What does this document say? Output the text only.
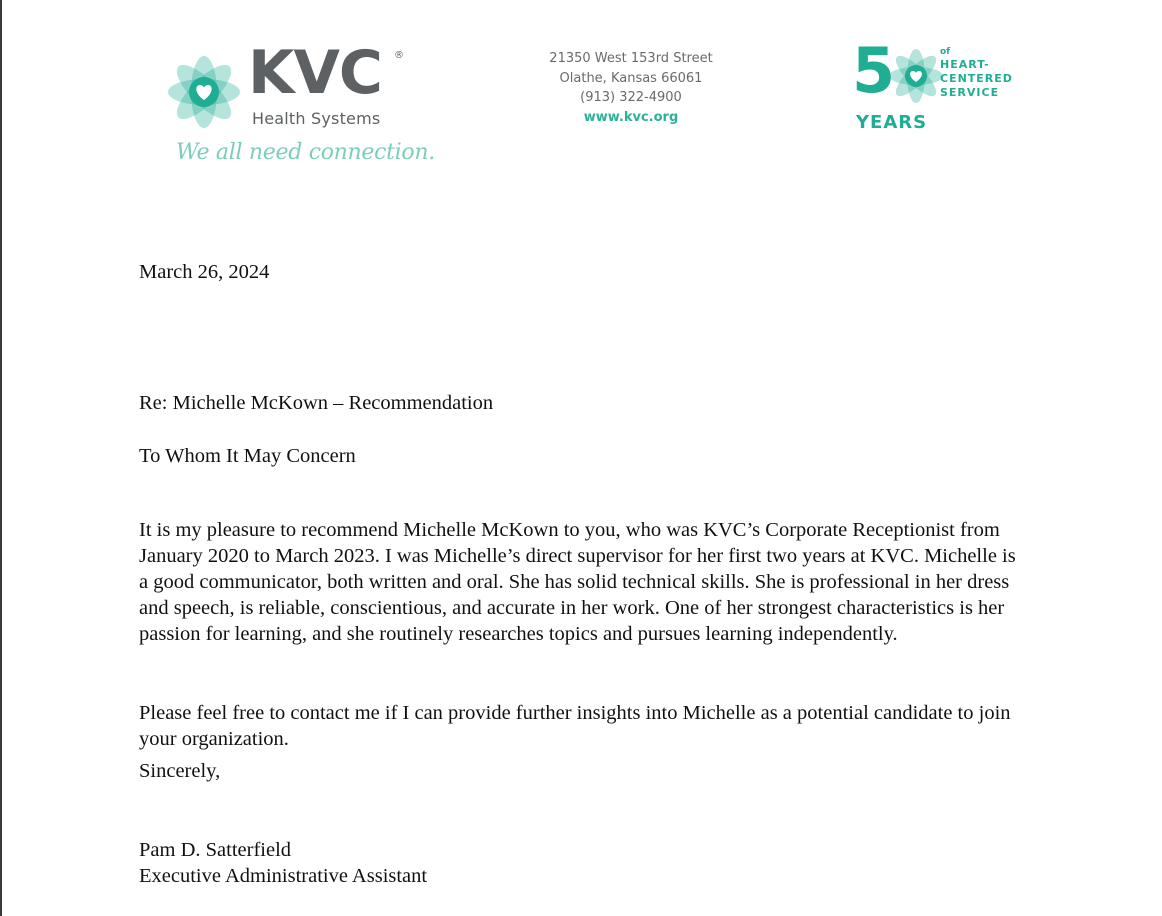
KVC ®
Health Systems
We all need connection.
21350 West 153rd Street
Olathe, Kansas 66061
(913) 322-4900
www.kvc.org
5	of
HEART-
CENTERED
SERVICE
YEARS
March 26, 2024
Re: Michelle McKown – Recommendation
To Whom It May Concern

It is my pleasure to recommend Michelle McKown to you, who was KVC’s Corporate Receptionist from January 2020 to March 2023. I was Michelle’s direct supervisor for her first two years at KVC. Michelle is a good communicator, both written and oral. She has solid technical skills. She is professional in her dress and speech, is reliable, conscientious, and accurate in her work. One of her strongest characteristics is her passion for learning, and she routinely researches topics and pursues learning independently.

Please feel free to contact me if I can provide further insights into Michelle as a potential candidate to join your organization.

Sincerely,
Pam D. Satterfield
Executive Administrative Assistant
